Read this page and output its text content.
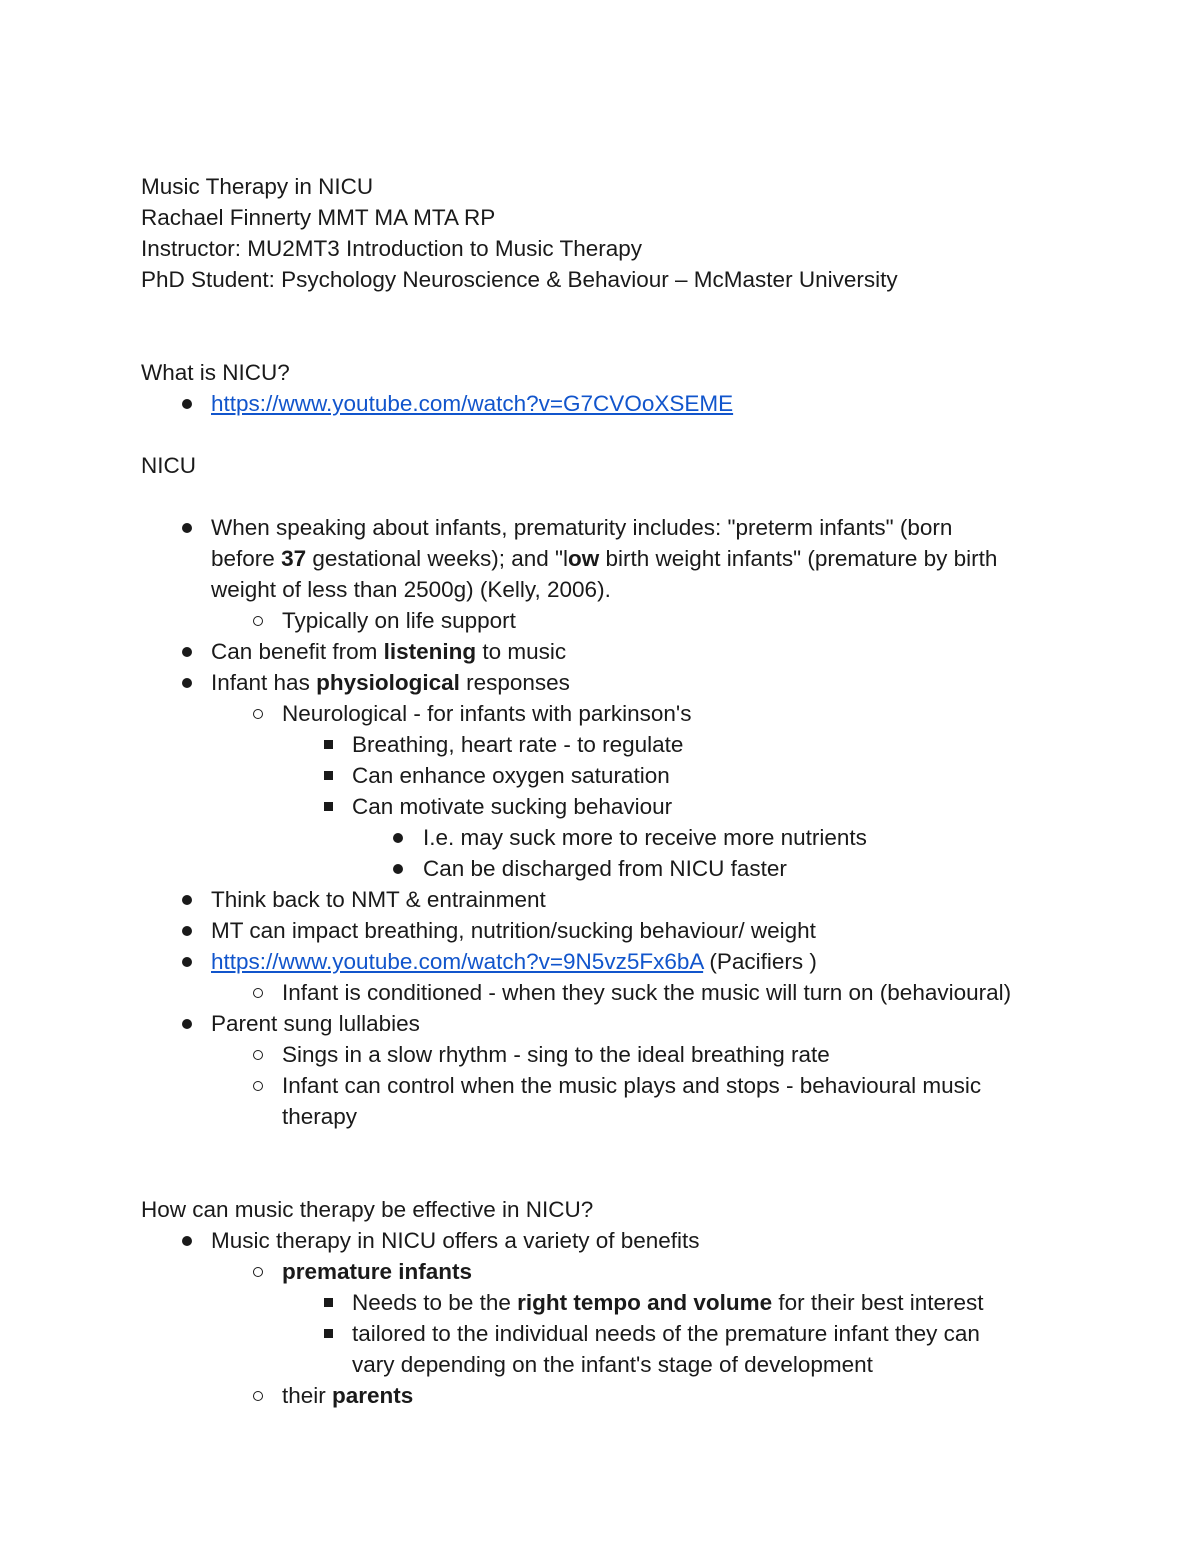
Music Therapy in NICU
Rachael Finnerty MMT MA MTA RP
Instructor: MU2MT3 Introduction to Music Therapy
PhD Student: Psychology Neuroscience & Behaviour – McMaster University
What is NICU?
https://www.youtube.com/watch?v=G7CVOoXSEME
NICU
When speaking about infants, prematurity includes: "preterm infants" (born
before 37 gestational weeks); and "low birth weight infants" (premature by birth
weight of less than 2500g) (Kelly, 2006).
Typically on life support
Can benefit from listening to music
Infant has physiological responses
Neurological - for infants with parkinson's
Breathing, heart rate - to regulate
Can enhance oxygen saturation
Can motivate sucking behaviour
I.e. may suck more to receive more nutrients
Can be discharged from NICU faster
Think back to NMT & entrainment
MT can impact breathing, nutrition/sucking behaviour/ weight
https://www.youtube.com/watch?v=9N5vz5Fx6bA (Pacifiers )
Infant is conditioned - when they suck the music will turn on (behavioural)
Parent sung lullabies
Sings in a slow rhythm - sing to the ideal breathing rate
Infant can control when the music plays and stops - behavioural music
therapy
How can music therapy be effective in NICU?
Music therapy in NICU offers a variety of benefits
premature infants
Needs to be the right tempo and volume for their best interest
tailored to the individual needs of the premature infant they can
vary depending on the infant's stage of development
their parents
